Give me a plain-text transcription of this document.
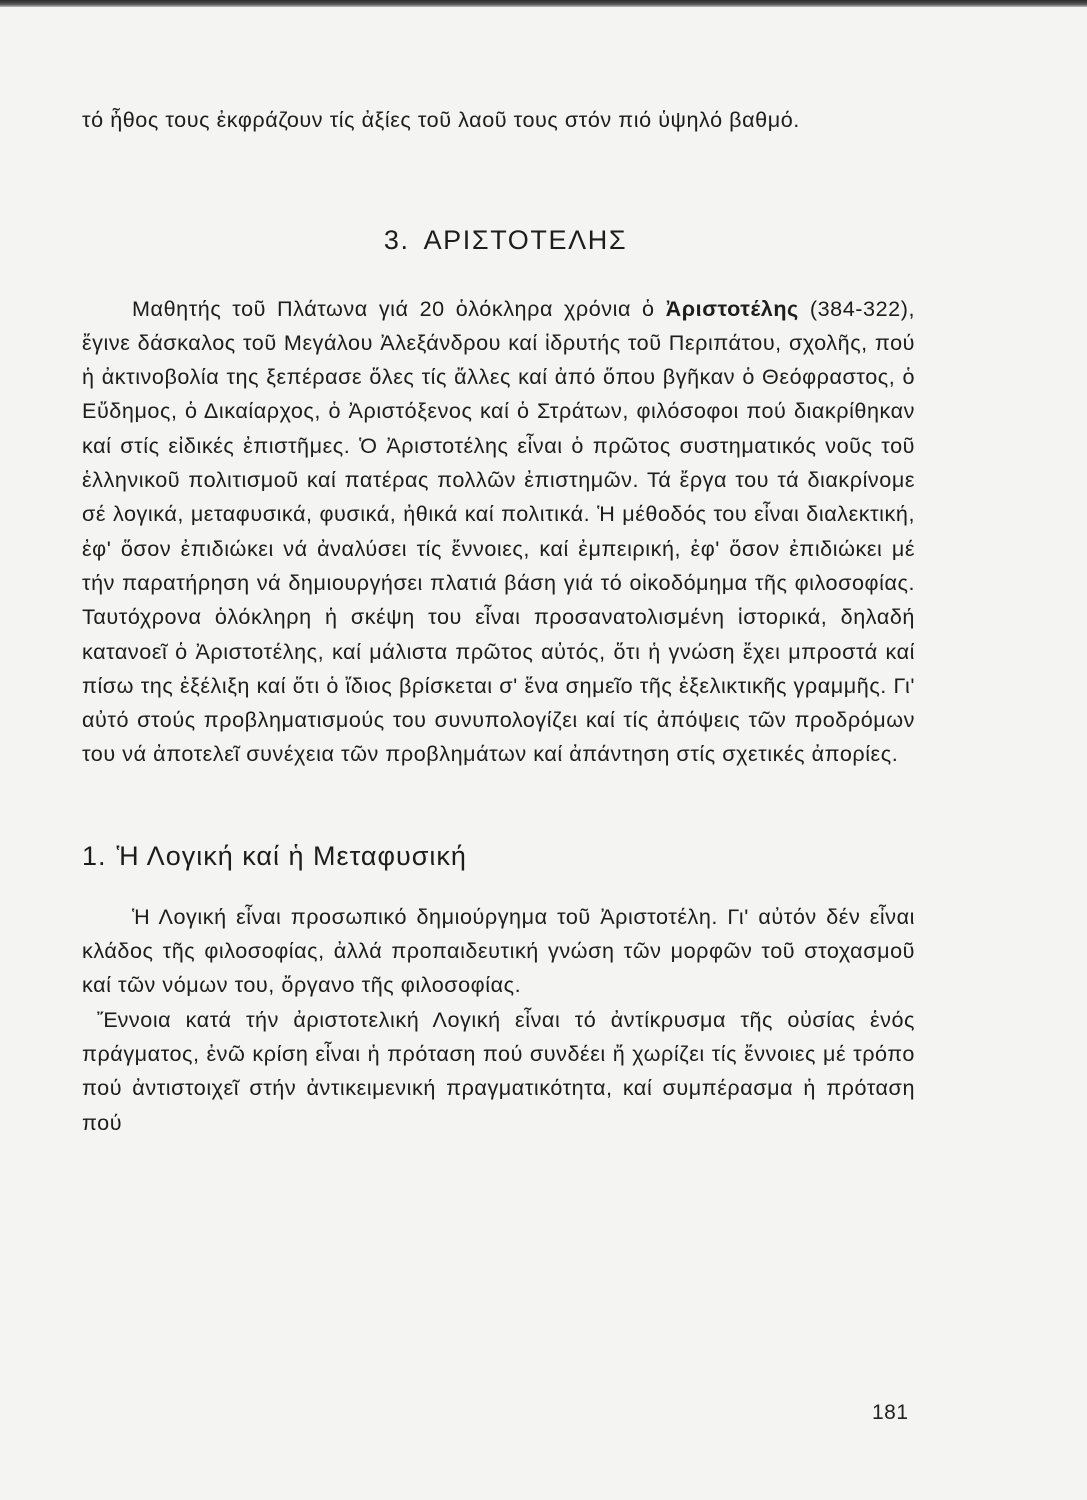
τό ἦθος τους ἐκφράζουν τίς ἀξίες τοῦ λαοῦ τους στόν πιό ὑψηλό βαθμό.

3. ΑΡΙΣΤΟΤΕΛΗΣ

Μαθητής τοῦ Πλάτωνα γιά 20 ὁλόκληρα χρόνια ὁ Ἀριστοτέλης (384-322), ἔγινε δάσκαλος τοῦ Μεγάλου Ἀλεξάνδρου καί ἱδρυτής τοῦ Περιπάτου, σχολῆς, πού ἡ ἀκτινοβολία της ξεπέρασε ὅλες τίς ἄλλες καί ἀπό ὅπου βγῆκαν ὁ Θεόφραστος, ὁ Εὔδημος, ὁ Δικαίαρχος, ὁ Ἀριστόξενος καί ὁ Στράτων, φιλόσοφοι πού διακρίθηκαν καί στίς εἰδικές ἐπιστῆμες. Ὁ Ἀριστοτέλης εἶναι ὁ πρῶτος συστηματικός νοῦς τοῦ ἑλληνικοῦ πολιτισμοῦ καί πατέρας πολλῶν ἐπιστημῶν. Τά ἔργα του τά διακρίνομε σέ λογικά, μεταφυσικά, φυσικά, ἠθικά καί πολιτικά. Ἡ μέθοδός του εἶναι διαλεκτική, ἐφ' ὅσον ἐπιδιώκει νά ἀναλύσει τίς ἔννοιες, καί ἐμπειρική, ἐφ' ὅσον ἐπιδιώκει μέ τήν παρατήρηση νά δημιουργήσει πλατιά βάση γιά τό οἰκοδόμημα τῆς φιλοσοφίας. Ταυτόχρονα ὁλόκληρη ἡ σκέψη του εἶναι προσανατολισμένη ἱστορικά, δηλαδή κατανοεῖ ὁ Ἀριστοτέλης, καί μάλιστα πρῶτος αὐτός, ὅτι ἡ γνώση ἔχει μπροστά καί πίσω της ἐξέλιξη καί ὅτι ὁ ἴδιος βρίσκεται σ' ἕνα σημεῖο τῆς ἐξελικτικῆς γραμμῆς. Γι' αὐτό στούς προβληματισμούς του συνυπολογίζει καί τίς ἀπόψεις τῶν προδρόμων του νά ἀποτελεῖ συνέχεια τῶν προβλημάτων καί ἀπάντηση στίς σχετικές ἀπορίες.

1. Ἡ Λογική καί ἡ Μεταφυσική

Ἡ Λογική εἶναι προσωπικό δημιούργημα τοῦ Ἀριστοτέλη. Γι' αὐτόν δέν εἶναι κλάδος τῆς φιλοσοφίας, ἀλλά προπαιδευτική γνώση τῶν μορφῶν τοῦ στοχασμοῦ καί τῶν νόμων του, ὄργανο τῆς φιλοσοφίας.

Ἔννοια κατά τήν ἀριστοτελική Λογική εἶναι τό ἀντίκρυσμα τῆς οὐσίας ἑνός πράγματος, ἐνῶ κρίση εἶναι ἡ πρόταση πού συνδέει ἤ χωρίζει τίς ἔννοιες μέ τρόπο πού ἀντιστοιχεῖ στήν ἀντικειμενική πραγματικότητα, καί συμπέρασμα ἡ πρόταση πού

181
